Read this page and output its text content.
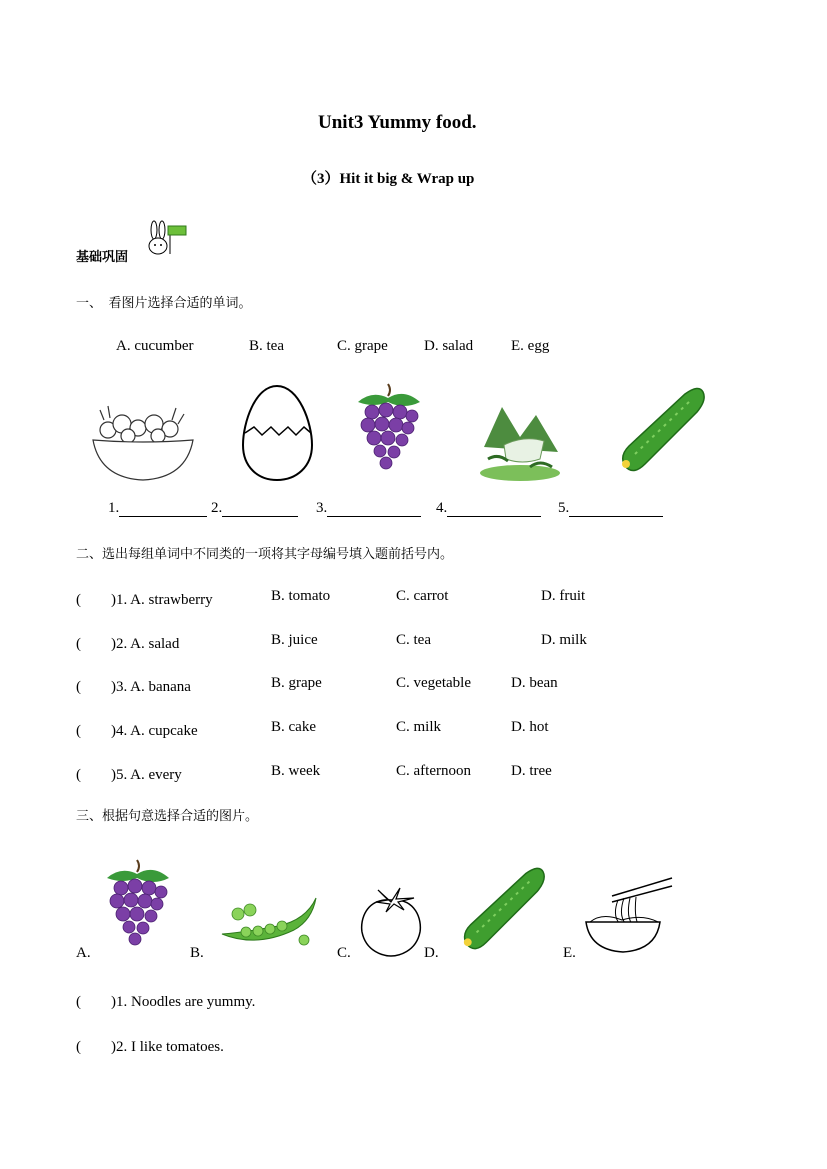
Unit3 Yummy food.
（3）Hit it big & Wrap up
基础巩固
一、　看图片选择合适的单词。
A. cucumber	B. tea	C. grape D. salad	E. egg
1.	2.	3.	4.	5.
二、选出每组单词中不同类的一项将其字母编号填入题前括号内。
(　　)1. A. strawberry	B. tomato	C. carrot	D. fruit
(　　)2. A. salad	B. juice	C. tea	D. milk
(　　)3. A. banana	B. grape	C. vegetable	D. bean
(　　)4. A. cupcake	B. cake	C. milk	D. hot
(　　)5. A. every	B. week	C. afternoon	D. tree
三、根据句意选择合适的图片。
A.	B.	C.	D.	E.
(　　)1. Noodles are yummy.
(　　)2. I like tomatoes.
